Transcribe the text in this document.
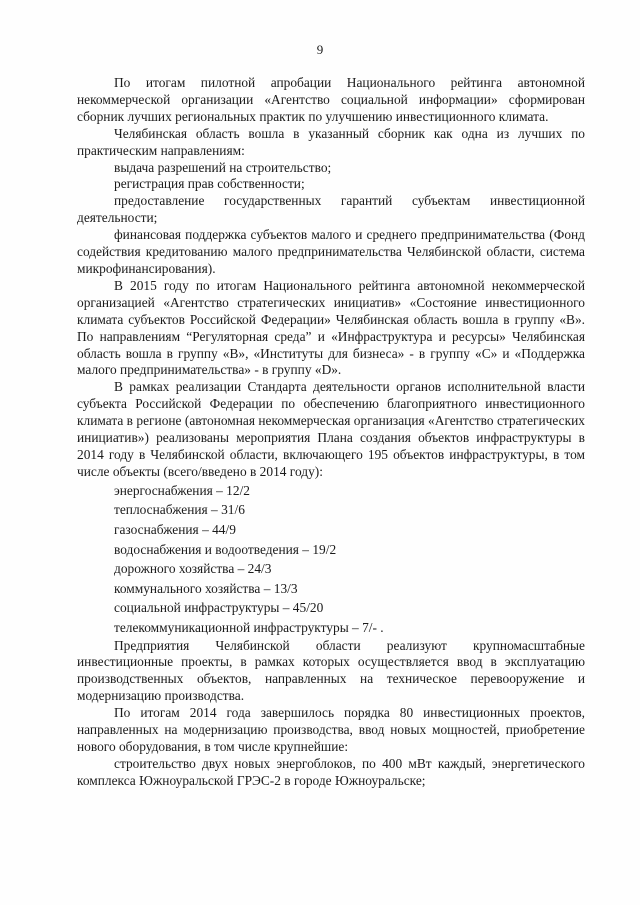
9

По итогам пилотной апробации Национального рейтинга автономной некоммерческой организации «Агентство социальной информации» сформирован сборник лучших региональных практик по улучшению инвестиционного климата.

Челябинская область вошла в указанный сборник как одна из лучших по практическим направлениям:

выдача разрешений на строительство;

регистрация прав собственности;

предоставление государственных гарантий субъектам инвестиционной деятельности;

финансовая поддержка субъектов малого и среднего предпринимательства (Фонд содействия кредитованию малого предпринимательства Челябинской области, система микрофинансирования).

В 2015 году по итогам Национального рейтинга автономной некоммерческой организацией «Агентство стратегических инициатив» «Состояние инвестиционного климата субъектов Российской Федерации» Челябинская область вошла в группу «В». По направлениям “Регуляторная среда” и «Инфраструктура и ресурсы» Челябинская область вошла в группу «В», «Институты для бизнеса» - в группу «С» и «Поддержка малого предпринимательства» - в группу «D».

В рамках реализации Стандарта деятельности органов исполнительной власти субъекта Российской Федерации по обеспечению благоприятного инвестиционного климата в регионе (автономная некоммерческая организация «Агентство стратегических инициатив») реализованы мероприятия Плана создания объектов инфраструктуры в 2014 году в Челябинской области, включающего 195 объектов инфраструктуры, в том числе объекты (всего/введено в 2014 году):

энергоснабжения – 12/2

теплоснабжения – 31/6

газоснабжения – 44/9

водоснабжения и водоотведения – 19/2

дорожного хозяйства – 24/3

коммунального хозяйства – 13/3

социальной инфраструктуры – 45/20

телекоммуникационной инфраструктуры – 7/- .

Предприятия Челябинской области реализуют крупномасштабные инвестиционные проекты, в рамках которых осуществляется ввод в эксплуатацию производственных объектов, направленных на техническое перевооружение и модернизацию производства.

По итогам 2014 года завершилось порядка 80 инвестиционных проектов, направленных на модернизацию производства, ввод новых мощностей, приобретение нового оборудования, в том числе крупнейшие:

строительство двух новых энергоблоков, по 400 мВт каждый, энергетического комплекса Южноуральской ГРЭС-2 в городе Южноуральске;
